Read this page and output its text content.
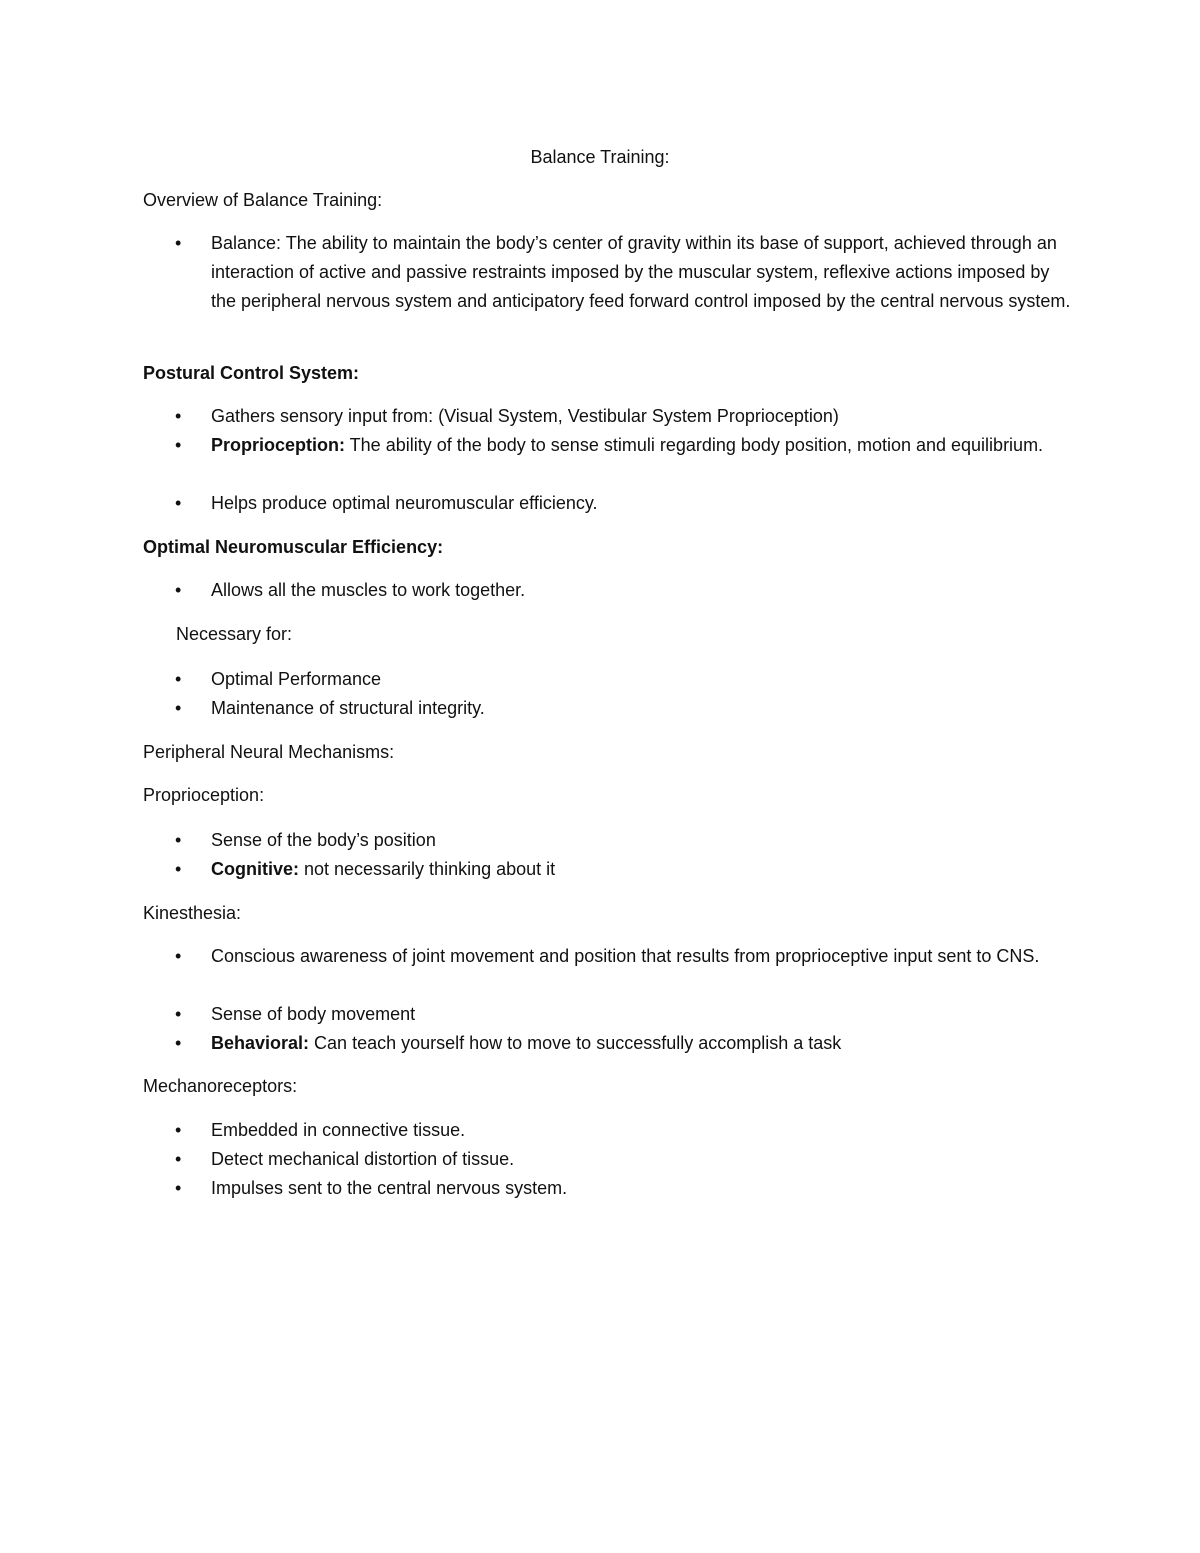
Balance Training:
Overview of Balance Training:
• Balance: The ability to maintain the body’s center of gravity within its base of support, achieved through an interaction of active and passive restraints imposed by the muscular system, reflexive actions imposed by the peripheral nervous system and anticipatory feed forward control imposed by the central nervous system.
Postural Control System:
• Gathers sensory input from: (Visual System, Vestibular System Proprioception)
• Proprioception: The ability of the body to sense stimuli regarding body position, motion and equilibrium.
• Helps produce optimal neuromuscular efficiency.
Optimal Neuromuscular Efficiency:
• Allows all the muscles to work together.
Necessary for:
• Optimal Performance
• Maintenance of structural integrity.
Peripheral Neural Mechanisms:
Proprioception:
• Sense of the body’s position
• Cognitive: not necessarily thinking about it
Kinesthesia:
• Conscious awareness of joint movement and position that results from proprioceptive input sent to CNS.
• Sense of body movement
• Behavioral: Can teach yourself how to move to successfully accomplish a task
Mechanoreceptors:
• Embedded in connective tissue.
• Detect mechanical distortion of tissue.
• Impulses sent to the central nervous system.
